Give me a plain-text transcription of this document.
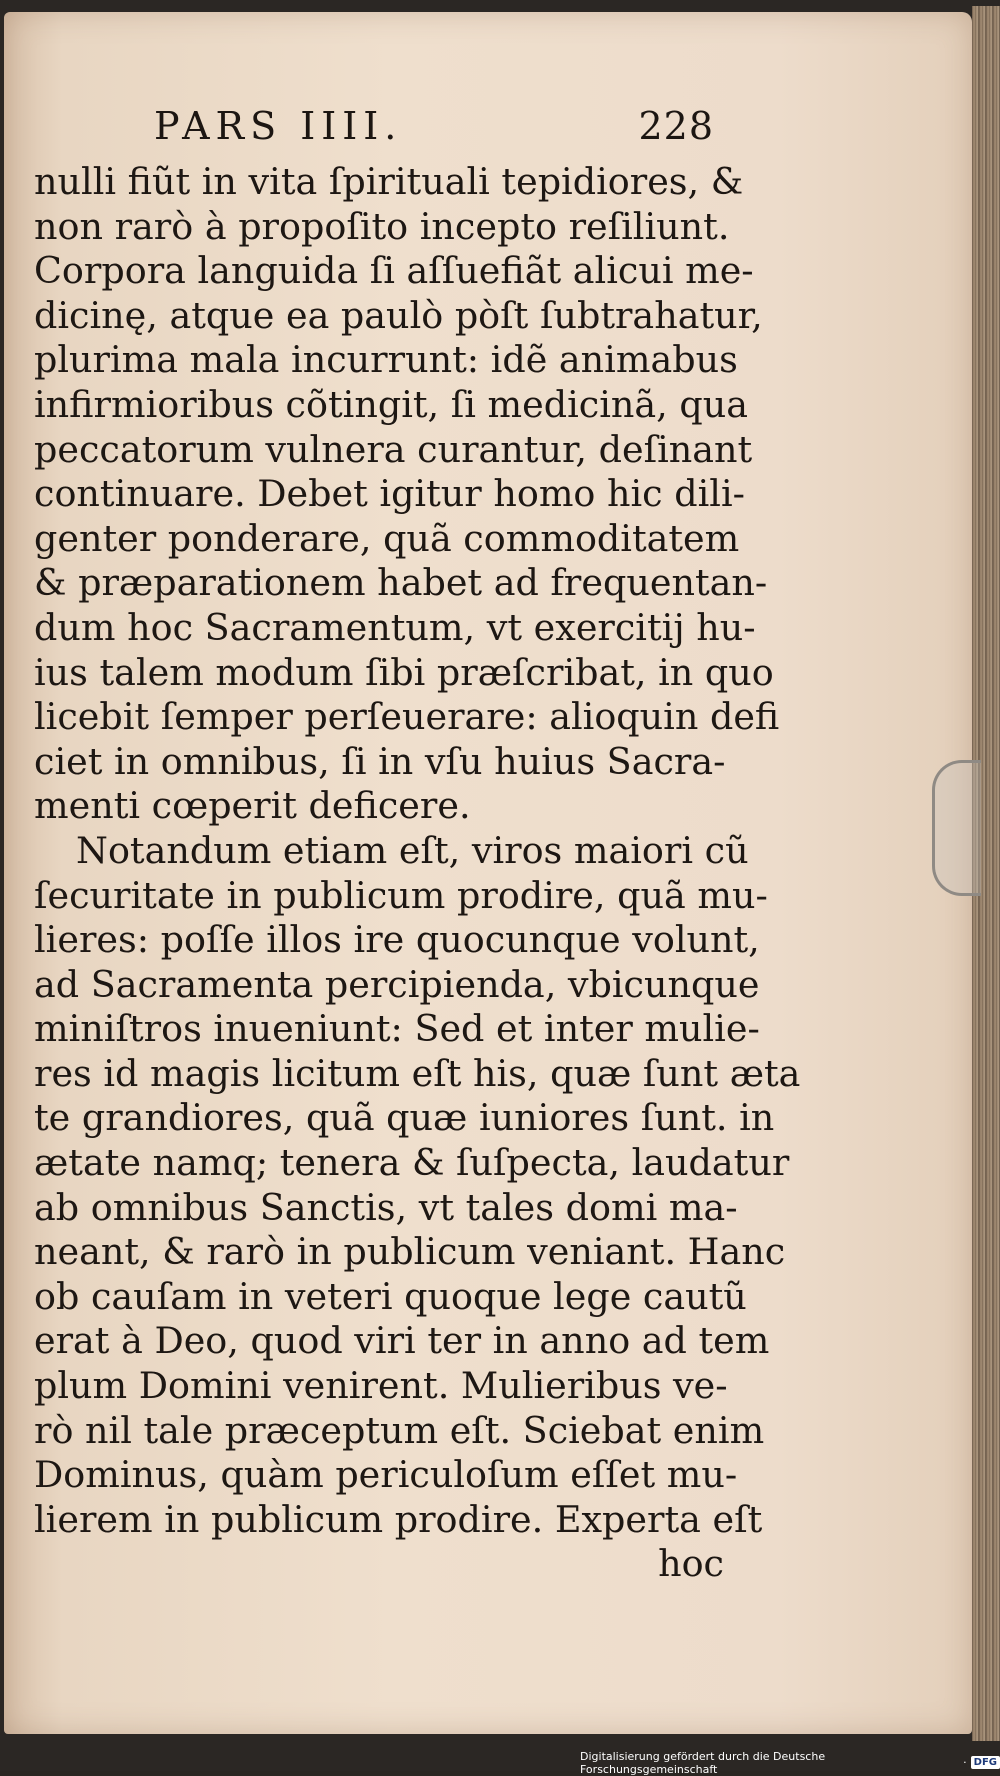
PARS IIII.	228
nulli fiũt in vita ſpirituali tepidiores, &
non rarò à propoſito incepto reſiliunt.
Corpora languida ſi aſſuefiãt alicui me-
dicinę, atque ea paulò pòſt ſubtrahatur,
plurima mala incurrunt: idẽ animabus
infirmioribus cõtingit, ſi medicinã, qua
peccatorum vulnera curantur, deſinant
continuare. Debet igitur homo hic dili-
genter ponderare, quã commoditatem
& præparationem habet ad frequentan-
dum hoc Sacramentum, vt exercitij hu-
ius talem modum ſibi præſcribat, in quo
licebit ſemper perſeuerare: alioquin defi
ciet in omnibus, ſi in vſu huius Sacra-
menti cœperit deficere.
Notandum etiam eſt, viros maiori cũ
ſecuritate in publicum prodire, quã mu-
lieres: poſſe illos ire quocunque volunt,
ad Sacramenta percipienda, vbicunque
miniſtros inueniunt: Sed et inter mulie-
res id magis licitum eſt his, quæ ſunt æta
te grandiores, quã quæ iuniores ſunt. in
ætate namq; tenera & ſuſpecta, laudatur
ab omnibus Sanctis, vt tales domi ma-
neant, & rarò in publicum veniant. Hanc
ob cauſam in veteri quoque lege cautũ
erat à Deo, quod viri ter in anno ad tem
plum Domini venirent. Mulieribus ve-
rò nil tale præceptum eſt. Sciebat enim
Dominus, quàm periculoſum eſſet mu-
lierem in publicum prodire. Experta eſt
hoc
Digitalisierung gefördert durch die Deutsche Forschungsgemeinschaft	· DFG
